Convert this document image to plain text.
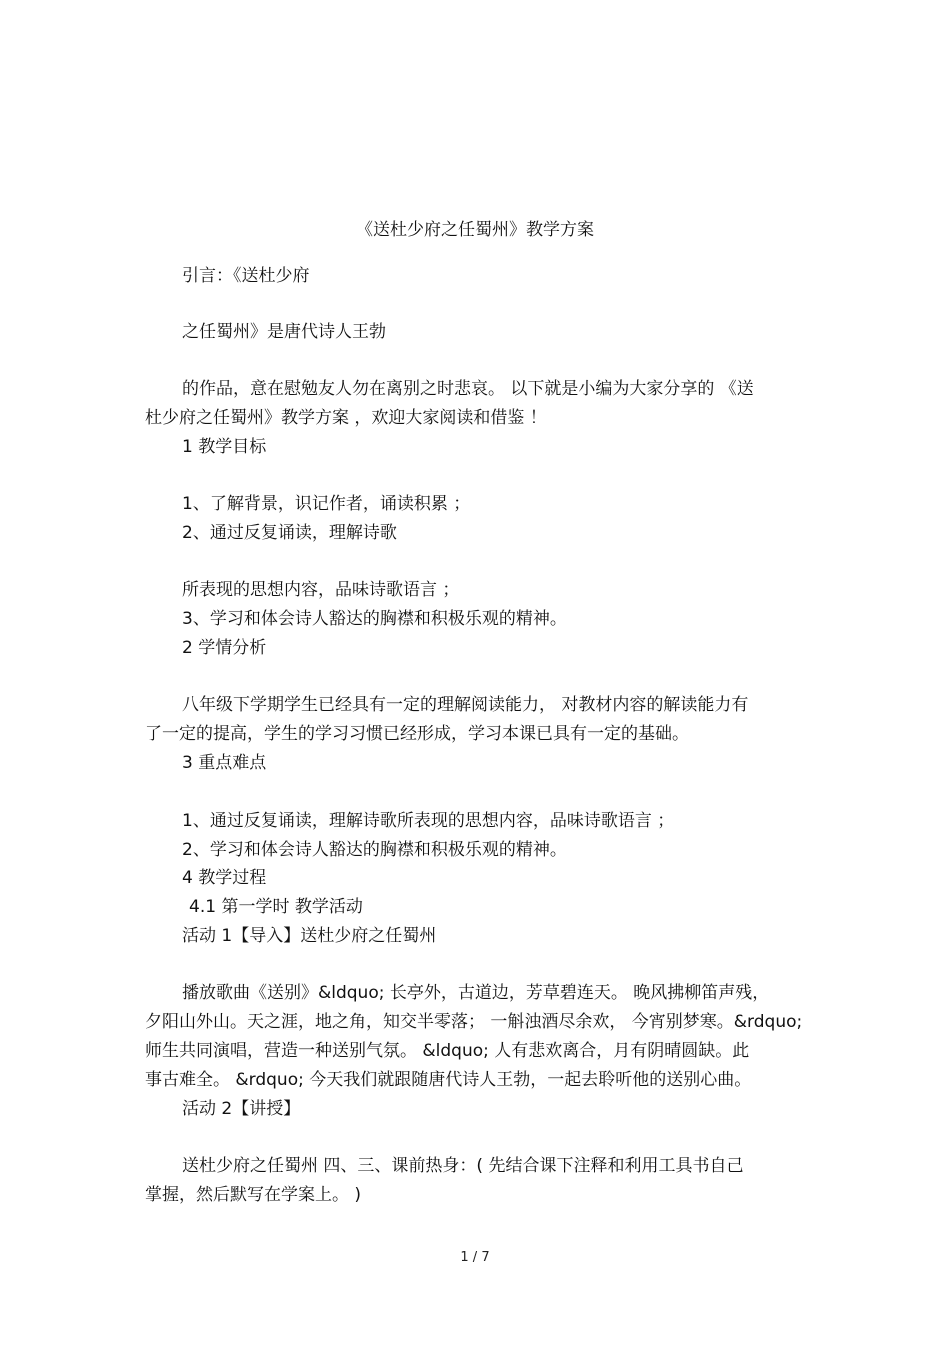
《送杜少府之任蜀州》教学方案
引言：《送杜少府
之任蜀州》是唐代诗人王勃
的作品，意在慰勉友人勿在离别之时悲哀。 以下就是小编为大家分享的 《送
杜少府之任蜀州》教学方案 ，欢迎大家阅读和借鉴 ！
1 教学目标
1、了解背景，识记作者，诵读积累 ；
2、通过反复诵读，理解诗歌
所表现的思想内容，品味诗歌语言 ；
3、学习和体会诗人豁达的胸襟和积极乐观的精神。
2 学情分析
八年级下学期学生已经具有一定的理解阅读能力， 对教材内容的解读能力有
了一定的提高，学生的学习习惯已经形成，学习本课已具有一定的基础。
3 重点难点
1、通过反复诵读，理解诗歌所表现的思想内容，品味诗歌语言 ；
2、学习和体会诗人豁达的胸襟和积极乐观的精神。
4 教学过程
4.1 第一学时 教学活动
活动 1【导入】送杜少府之任蜀州
播放歌曲《送别》&ldquo; 长亭外，古道边，芳草碧连天。 晚风拂柳笛声残，
夕阳山外山。天之涯，地之角，知交半零落； 一斛浊酒尽余欢， 今宵别梦寒。&rdquo;
师生共同演唱，营造一种送别气氛。 &ldquo; 人有悲欢离合，月有阴晴圆缺。此
事古难全。 &rdquo; 今天我们就跟随唐代诗人王勃，一起去聆听他的送别心曲。
活动 2【讲授】
送杜少府之任蜀州 四、三、课前热身：( 先结合课下注释和利用工具书自己
掌握，然后默写在学案上。 )
1 / 7
